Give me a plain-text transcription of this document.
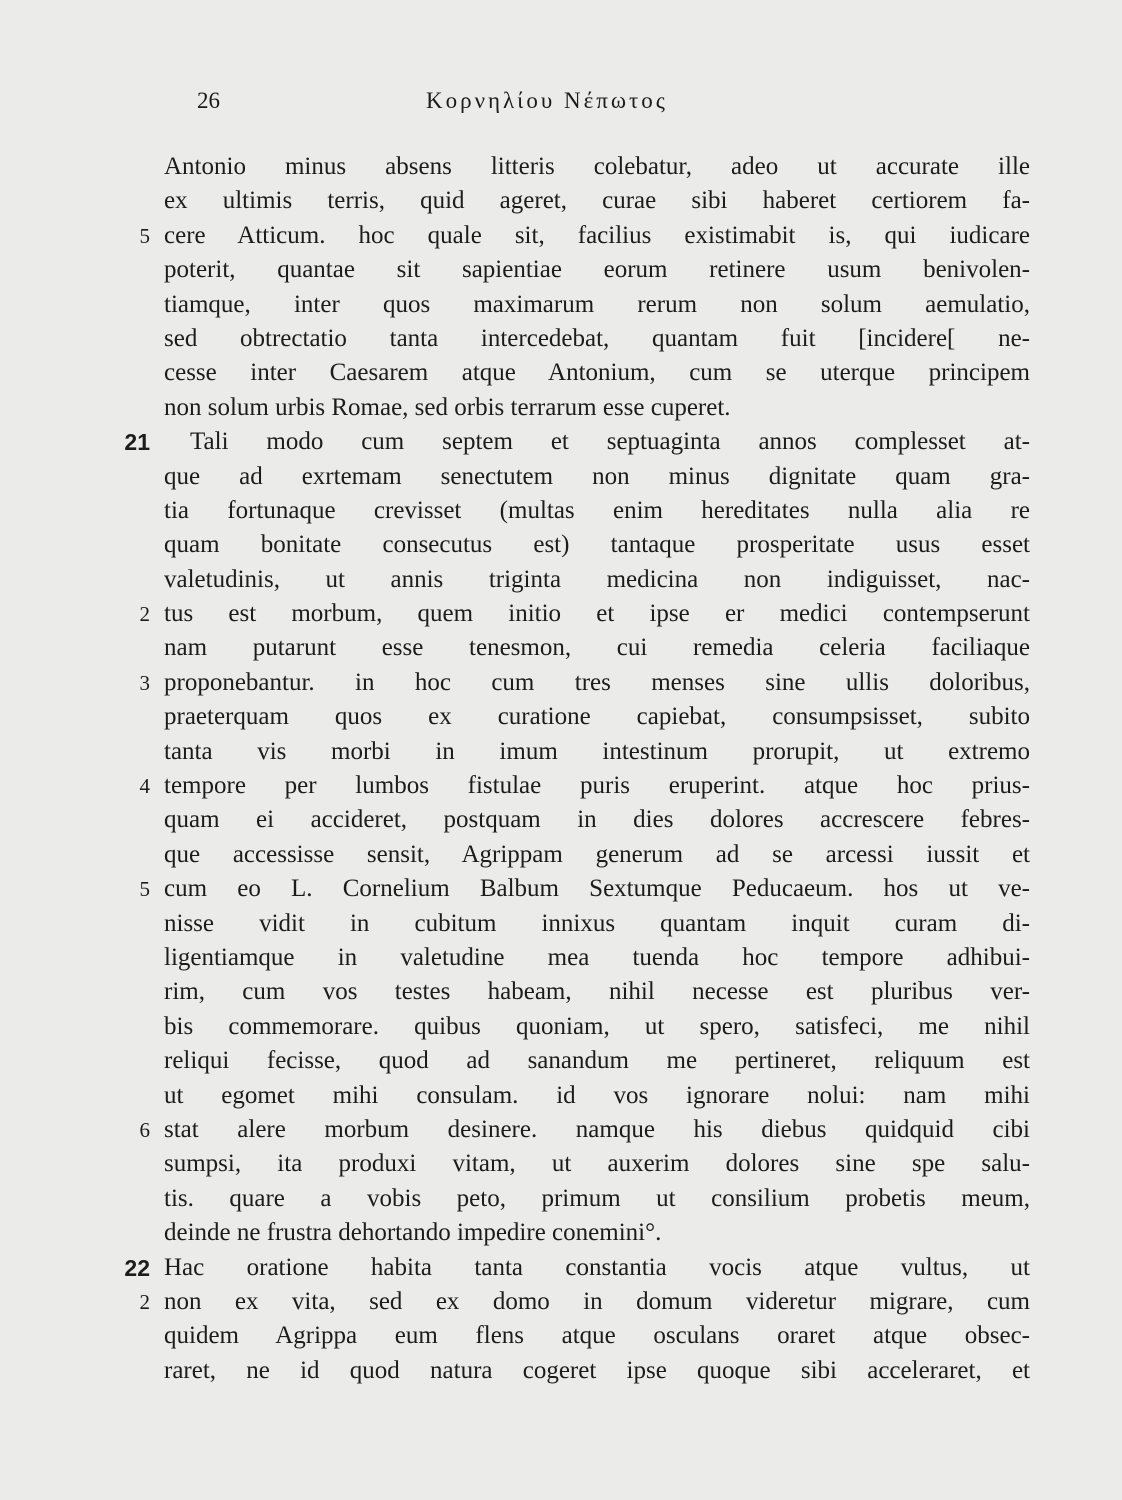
26	Κορνηλίου Νέπωτος
Antonio minus absens litteris colebatur, adeo ut accurate ille
ex ultimis terris, quid ageret, curae sibi haberet certiorem fa-
5 cere Atticum. hoc quale sit, facilius existimabit is, qui iudicare
poterit, quantae sit sapientiae eorum retinere usum benivolen-
tiamque, inter quos maximarum rerum non solum aemulatio,
sed obtrectatio tanta intercedebat, quantam fuit [incidere[ ne-
cesse inter Caesarem atque Antonium, cum se uterque principem
non solum urbis Romae, sed orbis terrarum esse cuperet.
21 Tali modo cum septem et septuaginta annos complesset at-
que ad exrtemam senectutem non minus dignitate quam gra-
tia fortunaque crevisset (multas enim hereditates nulla alia re
quam bonitate consecutus est) tantaque prosperitate usus esset
valetudinis, ut annis triginta medicina non indiguisset, nac-
2 tus est morbum, quem initio et ipse er medici contempserunt
nam putarunt esse tenesmon, cui remedia celeria faciliaque
3 proponebantur. in hoc cum tres menses sine ullis doloribus,
praeterquam quos ex curatione capiebat, consumpsisset, subito
tanta vis morbi in imum intestinum prorupit, ut extremo
4 tempore per lumbos fistulae puris eruperint. atque hoc prius-
quam ei accideret, postquam in dies dolores accrescere febres-
que accessisse sensit, Agrippam generum ad se arcessi iussit et
5 cum eo L. Cornelium Balbum Sextumque Peducaeum. hos ut ve-
nisse vidit in cubitum innixus quantam inquit curam di-
ligentiamque in valetudine mea tuenda hoc tempore adhibui-
rim, cum vos testes habeam, nihil necesse est pluribus ver-
bis commemorare. quibus quoniam, ut spero, satisfeci, me nihil
reliqui fecisse, quod ad sanandum me pertineret, reliquum est
ut egomet mihi consulam. id vos ignorare nolui: nam mihi
6 stat alere morbum desinere. namque his diebus quidquid cibi
sumpsi, ita produxi vitam, ut auxerim dolores sine spe salu-
tis. quare a vobis peto, primum ut consilium probetis meum,
deinde ne frustra dehortando impedire conemini°.
22 Hac oratione habita tanta constantia vocis atque vultus, ut
2 non ex vita, sed ex domo in domum videretur migrare, cum
quidem Agrippa eum flens atque osculans oraret atque obsec-
raret, ne id quod natura cogeret ipse quoque sibi acceleraret, et
